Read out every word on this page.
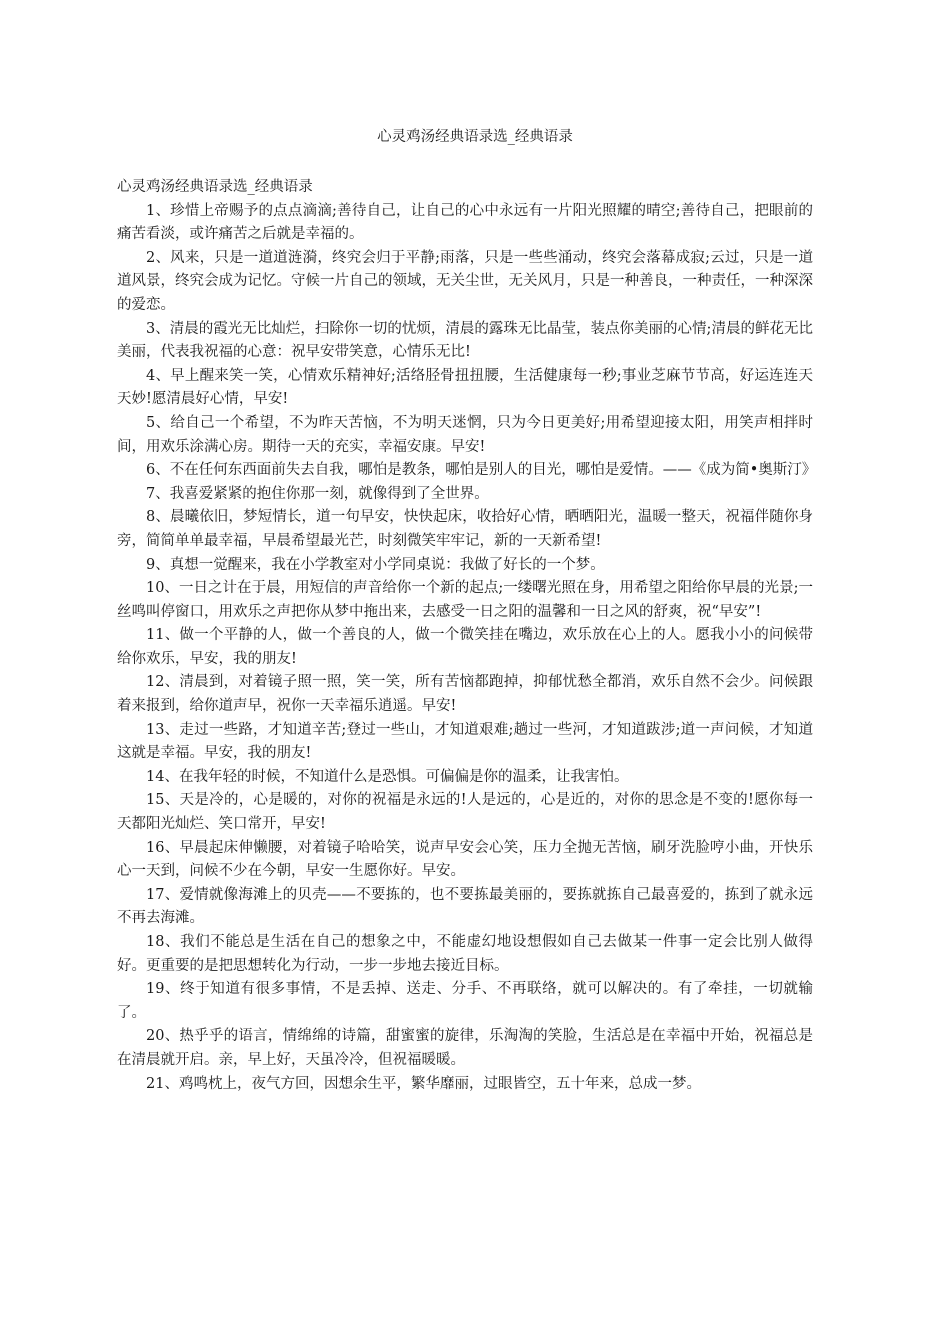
心灵鸡汤经典语录选_经典语录

心灵鸡汤经典语录选_经典语录

1、珍惜上帝赐予的点点滴滴;善待自己，让自己的心中永远有一片阳光照耀的晴空;善待自己，把眼前的痛苦看淡，或许痛苦之后就是幸福的。

2、风来，只是一道道涟漪，终究会归于平静;雨落，只是一些些涌动，终究会落幕成寂;云过，只是一道道风景，终究会成为记忆。守候一片自己的领域，无关尘世，无关风月，只是一种善良，一种责任，一种深深的爱恋。

3、清晨的霞光无比灿烂，扫除你一切的忧烦，清晨的露珠无比晶莹，装点你美丽的心情;清晨的鲜花无比美丽，代表我祝福的心意：祝早安带笑意，心情乐无比!

4、早上醒来笑一笑，心情欢乐精神好;活络胫骨扭扭腰，生活健康每一秒;事业芝麻节节高，好运连连天天妙!愿清晨好心情，早安!

5、给自己一个希望，不为昨天苦恼，不为明天迷惘，只为今日更美好;用希望迎接太阳，用笑声相拌时间，用欢乐涂满心房。期待一天的充实，幸福安康。早安!

6、不在任何东西面前失去自我，哪怕是教条，哪怕是别人的目光，哪怕是爱情。——《成为简•奥斯汀》

7、我喜爱紧紧的抱住你那一刻，就像得到了全世界。

8、晨曦依旧，梦短情长，道一句早安，快快起床，收拾好心情，晒晒阳光，温暖一整天，祝福伴随你身旁，简简单单最幸福，早晨希望最光芒，时刻微笑牢牢记，新的一天新希望!

9、真想一觉醒来，我在小学教室对小学同桌说：我做了好长的一个梦。

10、一日之计在于晨，用短信的声音给你一个新的起点;一缕曙光照在身，用希望之阳给你早晨的光景;一丝鸣叫停窗口，用欢乐之声把你从梦中拖出来，去感受一日之阳的温馨和一日之风的舒爽，祝“早安”!

11、做一个平静的人，做一个善良的人，做一个微笑挂在嘴边，欢乐放在心上的人。愿我小小的问候带给你欢乐，早安，我的朋友!

12、清晨到，对着镜子照一照，笑一笑，所有苦恼都跑掉，抑郁忧愁全都消，欢乐自然不会少。问候跟着来报到，给你道声早，祝你一天幸福乐逍遥。早安!

13、走过一些路，才知道辛苦;登过一些山，才知道艰难;趟过一些河，才知道跋涉;道一声问候，才知道这就是幸福。早安，我的朋友!

14、在我年轻的时候，不知道什么是恐惧。可偏偏是你的温柔，让我害怕。

15、天是冷的，心是暖的，对你的祝福是永远的!人是远的，心是近的，对你的思念是不变的!愿你每一天都阳光灿烂、笑口常开，早安!

16、早晨起床伸懒腰，对着镜子哈哈笑，说声早安会心笑，压力全抛无苦恼，刷牙洗脸哼小曲，开快乐心一天到，问候不少在今朝，早安一生愿你好。早安。

17、爱情就像海滩上的贝壳——不要拣的，也不要拣最美丽的，要拣就拣自己最喜爱的，拣到了就永远不再去海滩。

18、我们不能总是生活在自己的想象之中，不能虚幻地设想假如自己去做某一件事一定会比别人做得好。更重要的是把思想转化为行动，一步一步地去接近目标。

19、终于知道有很多事情，不是丢掉、送走、分手、不再联络，就可以解决的。有了牵挂，一切就输了。

20、热乎乎的语言，情绵绵的诗篇，甜蜜蜜的旋律，乐淘淘的笑脸，生活总是在幸福中开始，祝福总是在清晨就开启。亲，早上好，天虽冷冷，但祝福暖暖。

21、鸡鸣枕上，夜气方回，因想余生平，繁华靡丽，过眼皆空，五十年来，总成一梦。
